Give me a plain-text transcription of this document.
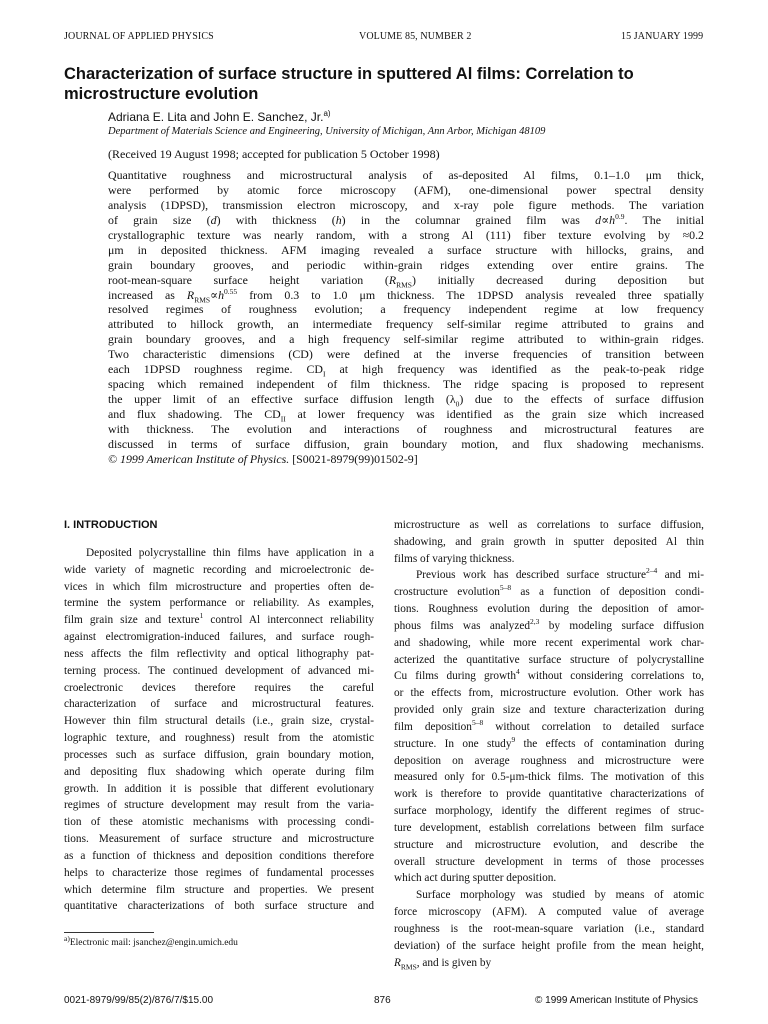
JOURNAL OF APPLIED PHYSICS	VOLUME 85, NUMBER 2	15 JANUARY 1999
Characterization of surface structure in sputtered Al films: Correlation to microstructure evolution
Adriana E. Lita and John E. Sanchez, Jr.$^{a)}$
Department of Materials Science and Engineering, University of Michigan, Ann Arbor, Michigan 48109
(Received 19 August 1998; accepted for publication 5 October 1998)
Quantitative roughness and microstructural analysis of as-deposited Al films, 0.1–1.0 μm thick,
were performed by atomic force microscopy (AFM), one-dimensional power spectral density
analysis (1DPSD), transmission electron microscopy, and x-ray pole figure methods. The variation
of grain size (d) with thickness (h) in the columnar grained film was $d\propto h^{0.9}$. The initial
crystallographic texture was nearly random, with a strong Al (111) fiber texture evolving by ≈0.2
μm in deposited thickness. AFM imaging revealed a surface structure with hillocks, grains, and
grain boundary grooves, and periodic within-grain ridges extending over entire grains. The
root-mean-square surface height variation $(R_{RMS})$ initially decreased during deposition but
increased as $R_{RMS}\propto h^{0.55}$ from 0.3 to 1.0 μm thickness. The 1DPSD analysis revealed three spatially
resolved regimes of roughness evolution; a frequency independent regime at low frequency
attributed to hillock growth, an intermediate frequency self-similar regime attributed to grains and
grain boundary grooves, and a high frequency self-similar regime attributed to within-grain ridges.
Two characteristic dimensions (CD) were defined at the inverse frequencies of transition between
each 1DPSD roughness regime. $CD_I$ at high frequency was identified as the peak-to-peak ridge
spacing which remained independent of film thickness. The ridge spacing is proposed to represent
the upper limit of an effective surface diffusion length $(\lambda_0)$ due to the effects of surface diffusion
and flux shadowing. The $CD_{II}$ at lower frequency was identified as the grain size which increased
with thickness. The evolution and interactions of roughness and microstructural features are
discussed in terms of surface diffusion, grain boundary motion, and flux shadowing mechanisms.
© 1999 American Institute of Physics. [S0021-8979(99)01502-9]
I. INTRODUCTION
Deposited polycrystalline thin films have application in a
wide variety of magnetic recording and microelectronic de-
vices in which film microstructure and properties often de-
termine the system performance or reliability. As examples,
film grain size and texture$^1$ control Al interconnect reliability
against electromigration-induced failures, and surface rough-
ness affects the film reflectivity and optical lithography pat-
terning process. The continued development of advanced mi-
croelectronic devices therefore requires the careful
characterization of surface and microstructural features.
However thin film structural details (i.e., grain size, crystal-
lographic texture, and roughness) result from the atomistic
processes such as surface diffusion, grain boundary motion,
and depositing flux shadowing which operate during film
growth. In addition it is possible that different evolutionary
regimes of structure development may result from the varia-
tion of these atomistic mechanisms with processing condi-
tions. Measurement of surface structure and microstructure
as a function of thickness and deposition conditions therefore
helps to characterize those regimes of fundamental processes
which determine film structure and properties. We present
quantitative characterizations of both surface structure and
microstructure as well as correlations to surface diffusion,
shadowing, and grain growth in sputter deposited Al thin
films of varying thickness.
Previous work has described surface structure$^{2-4}$ and mi-
crostructure evolution$^{5-8}$ as a function of deposition condi-
tions. Roughness evolution during the deposition of amor-
phous films was analyzed$^{2,3}$ by modeling surface diffusion
and shadowing, while more recent experimental work char-
acterized the quantitative surface structure of polycrystalline
Cu films during growth$^4$ without considering correlations to,
or the effects from, microstructure evolution. Other work has
provided only grain size and texture characterization during
film deposition$^{5-8}$ without correlation to detailed surface
structure. In one study$^9$ the effects of contamination during
deposition on average roughness and microstructure were
measured only for 0.5-μm-thick films. The motivation of this
work is therefore to provide quantitative characterizations of
surface morphology, identify the different regimes of struc-
ture development, establish correlations between film surface
structure and microstructure evolution, and describe the
overall structure development in terms of those processes
which act during sputter deposition.
Surface morphology was studied by means of atomic
force microscopy (AFM). A computed value of average
roughness is the root-mean-square variation (i.e., standard
deviation) of the surface height profile from the mean height,
$R_{RMS}$, and is given by
$^{a)}$Electronic mail: jsanchez@engin.umich.edu
0021-8979/99/85(2)/876/7/$15.00	876	© 1999 American Institute of Physics
